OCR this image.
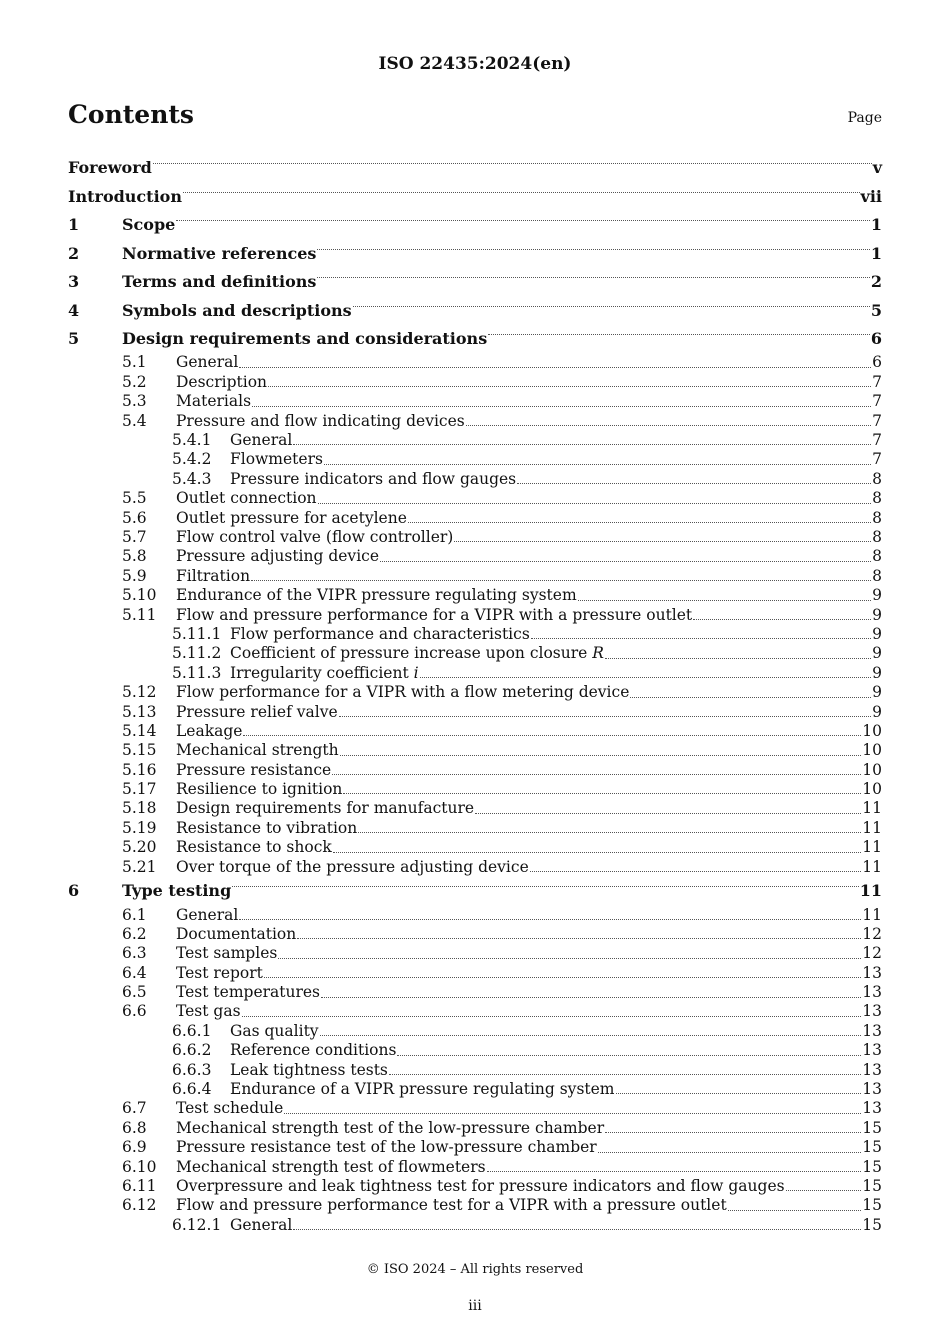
ISO 22435:2024(en)
Contents	Page
Foreword	v
Introduction	vii
1	Scope	1
2	Normative references	1
3	Terms and definitions	2
4	Symbols and descriptions	5
5	Design requirements and considerations	6
5.1	General	6
5.2	Description	7
5.3	Materials	7
5.4	Pressure and flow indicating devices	7
5.4.1	General	7
5.4.2	Flowmeters	7
5.4.3	Pressure indicators and flow gauges	8
5.5	Outlet connection	8
5.6	Outlet pressure for acetylene	8
5.7	Flow control valve (flow controller)	8
5.8	Pressure adjusting device	8
5.9	Filtration	8
5.10	Endurance of the VIPR pressure regulating system	9
5.11	Flow and pressure performance for a VIPR with a pressure outlet	9
5.11.1 Flow performance and characteristics	9
5.11.2 Coefficient of pressure increase upon closure R	9
5.11.3 Irregularity coefficient i	9
5.12	Flow performance for a VIPR with a flow metering device	9
5.13	Pressure relief valve	9
5.14	Leakage	10
5.15	Mechanical strength	10
5.16	Pressure resistance	10
5.17	Resilience to ignition	10
5.18	Design requirements for manufacture	11
5.19	Resistance to vibration	11
5.20	Resistance to shock	11
5.21	Over torque of the pressure adjusting device	11
6	Type testing	11
6.1	General	11
6.2	Documentation	12
6.3	Test samples	12
6.4	Test report	13
6.5	Test temperatures	13
6.6	Test gas	13
6.6.1	Gas quality	13
6.6.2	Reference conditions	13
6.6.3	Leak tightness tests	13
6.6.4	Endurance of a VIPR pressure regulating system	13
6.7	Test schedule	13
6.8	Mechanical strength test of the low-pressure chamber	15
6.9	Pressure resistance test of the low-pressure chamber	15
6.10	Mechanical strength test of flowmeters	15
6.11	Overpressure and leak tightness test for pressure indicators and flow gauges	15
6.12	Flow and pressure performance test for a VIPR with a pressure outlet	15
6.12.1 General	15
© ISO 2024 – All rights reserved
iii
